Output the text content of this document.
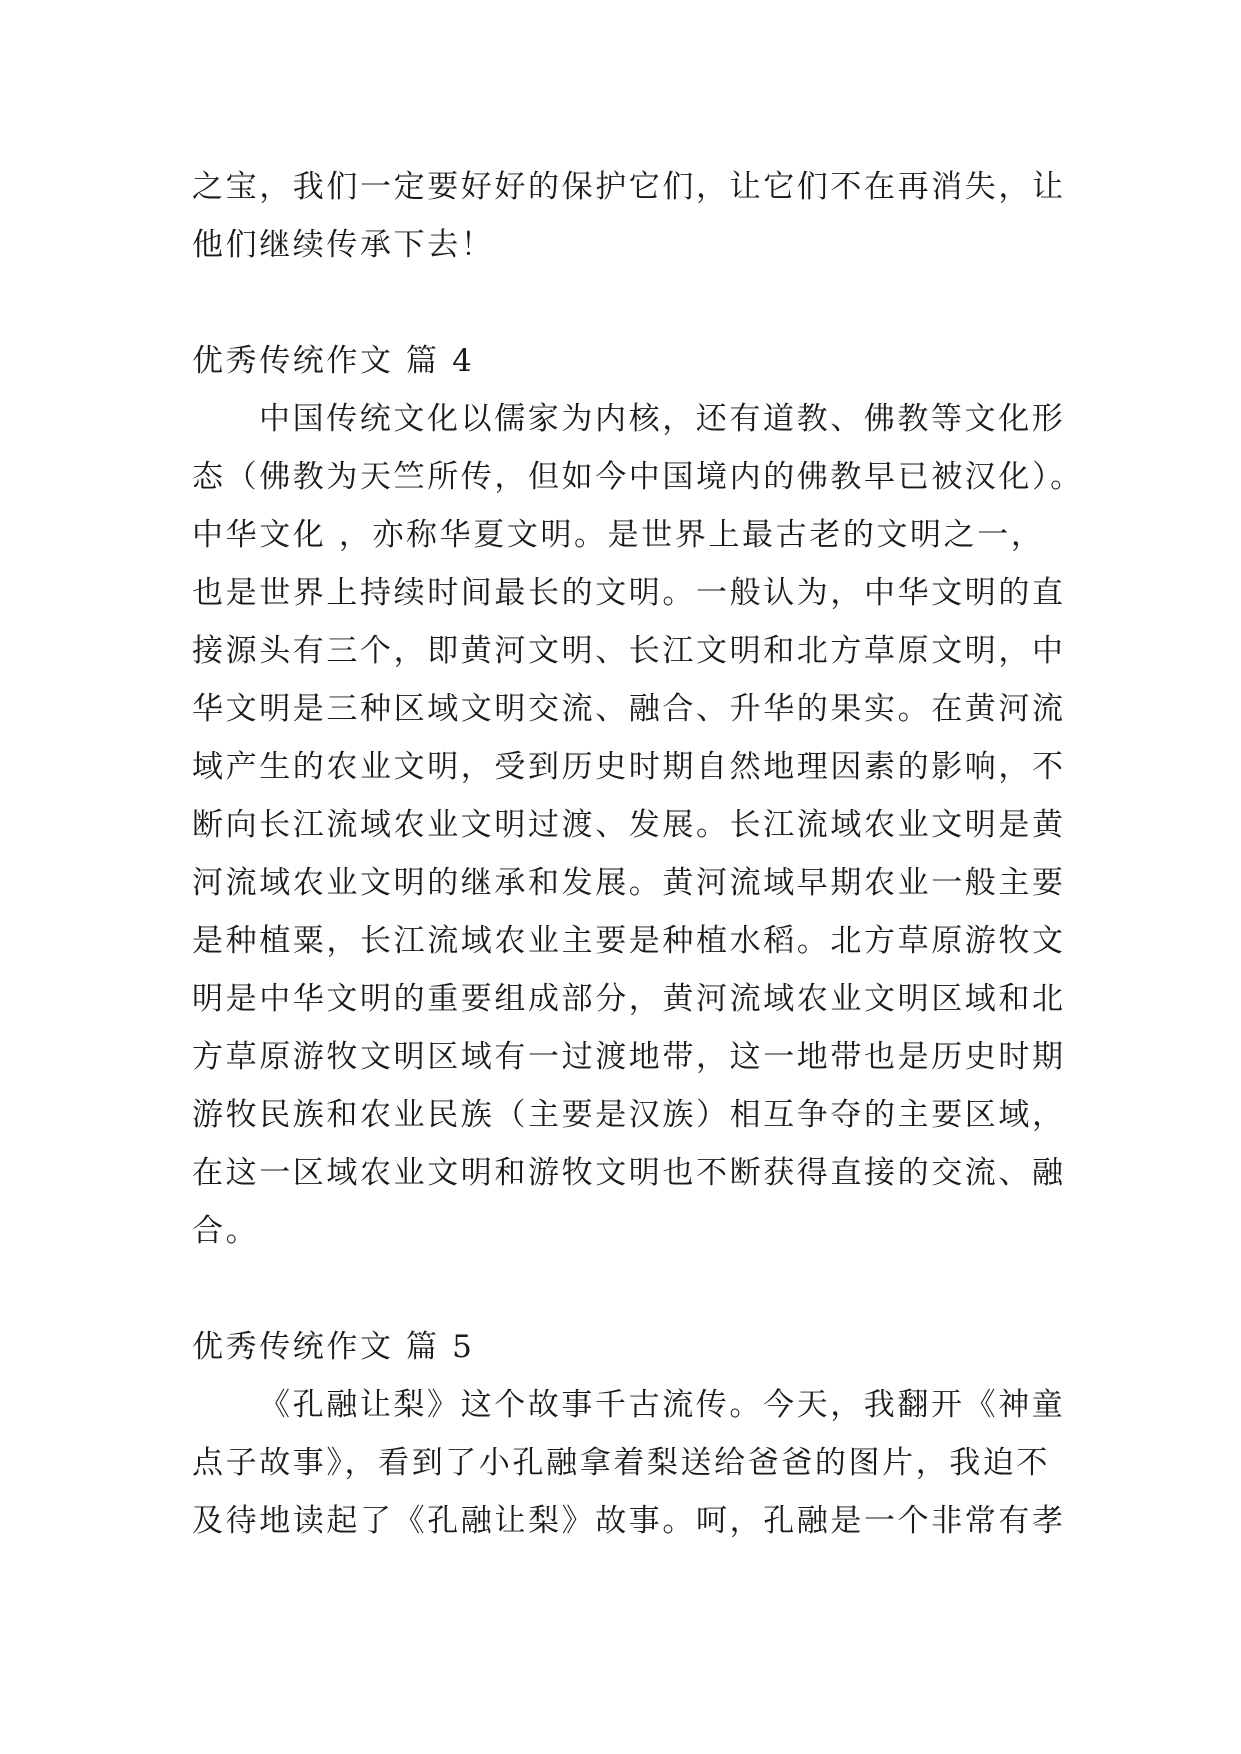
之宝，我们一定要好好的保护它们，让它们不在再消失，让
他们继续传承下去！
优秀传统作文 篇 4
中国传统文化以儒家为内核，还有道教、佛教等文化形
态（佛教为天竺所传，但如今中国境内的佛教早已被汉化）。
中华文化 ，亦称华夏文明。是世界上最古老的文明之一，
也是世界上持续时间最长的文明。一般认为，中华文明的直
接源头有三个，即黄河文明、长江文明和北方草原文明，中
华文明是三种区域文明交流、融合、升华的果实。在黄河流
域产生的农业文明，受到历史时期自然地理因素的影响，不
断向长江流域农业文明过渡、发展。长江流域农业文明是黄
河流域农业文明的继承和发展。黄河流域早期农业一般主要
是种植粟，长江流域农业主要是种植水稻。北方草原游牧文
明是中华文明的重要组成部分，黄河流域农业文明区域和北
方草原游牧文明区域有一过渡地带，这一地带也是历史时期
游牧民族和农业民族（主要是汉族）相互争夺的主要区域，
在这一区域农业文明和游牧文明也不断获得直接的交流、融
合。
优秀传统作文 篇 5
《孔融让梨》这个故事千古流传。今天，我翻开《神童
点子故事》，看到了小孔融拿着梨送给爸爸的图片，我迫不
及待地读起了《孔融让梨》故事。呵，孔融是一个非常有孝
